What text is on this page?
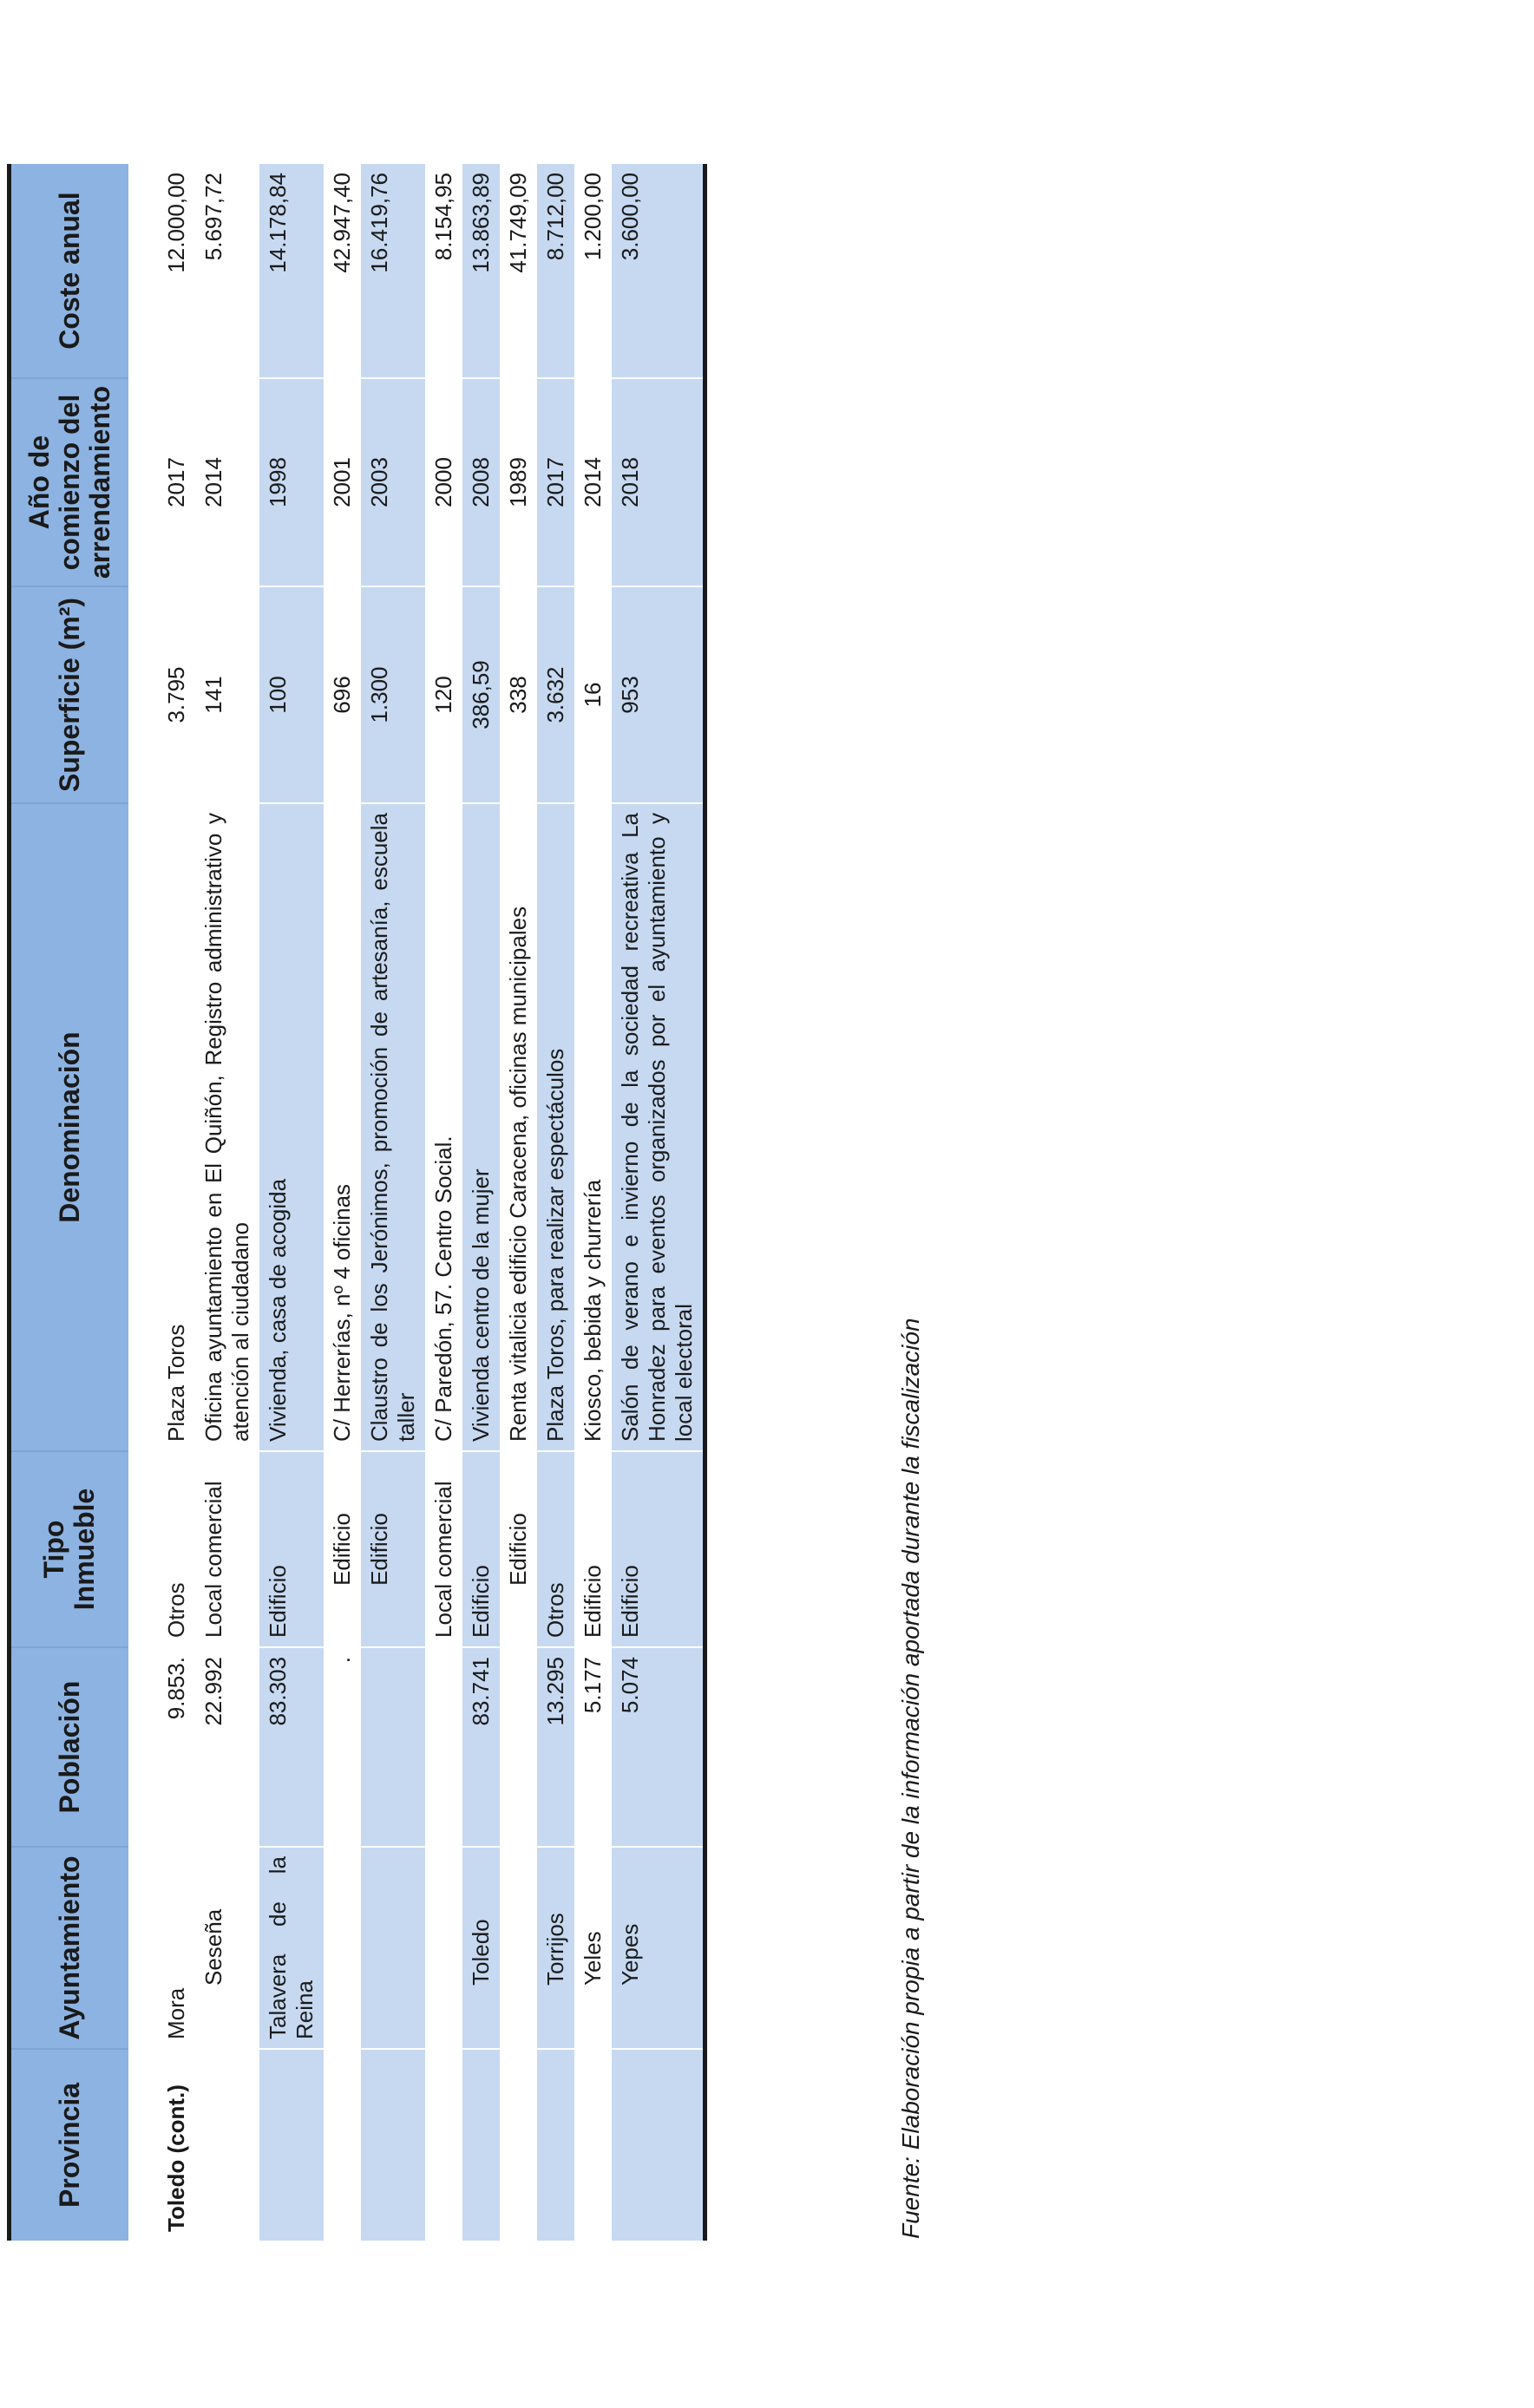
Provincia	Ayuntamiento	Población	Tipo Inmueble	Denominación	Superficie (m²)	Año de comienzo del arrendamiento	Coste anual

Toledo (cont.)	Mora	9.853.	Otros	Plaza Toros	3.795	2017	12.000,00
	Seseña	22.992	Local comercial	Oficina ayuntamiento en El Quiñón, Registro administrativo y atención al ciudadano	141	2014	5.697,72
	Talavera de la Reina	83.303	Edificio	Vivienda, casa de acogida	100	1998	14.178,84
		.	Edificio	C/ Herrerías, nº 4 oficinas	696	2001	42.947,40
			Edificio	Claustro de los Jerónimos, promoción de artesanía, escuela taller	1.300	2003	16.419,76
			Local comercial	C/ Paredón, 57. Centro Social.	120	2000	8.154,95
	Toledo	83.741	Edificio	Vivienda centro de la mujer	386,59	2008	13.863,89
			Edificio	Renta vitalicia edificio Caracena, oficinas municipales	338	1989	41.749,09
	Torrijos	13.295	Otros	Plaza Toros, para realizar espectáculos	3.632	2017	8.712,00
	Yeles	5.177	Edificio	Kiosco, bebida y churrería	16	2014	1.200,00
	Yepes	5.074	Edificio	Salón de verano e invierno de la sociedad recreativa La Honradez para eventos organizados por el ayuntamiento y local electoral	953	2018	3.600,00
Fuente: Elaboración propia a partir de la información aportada durante la fiscalización
